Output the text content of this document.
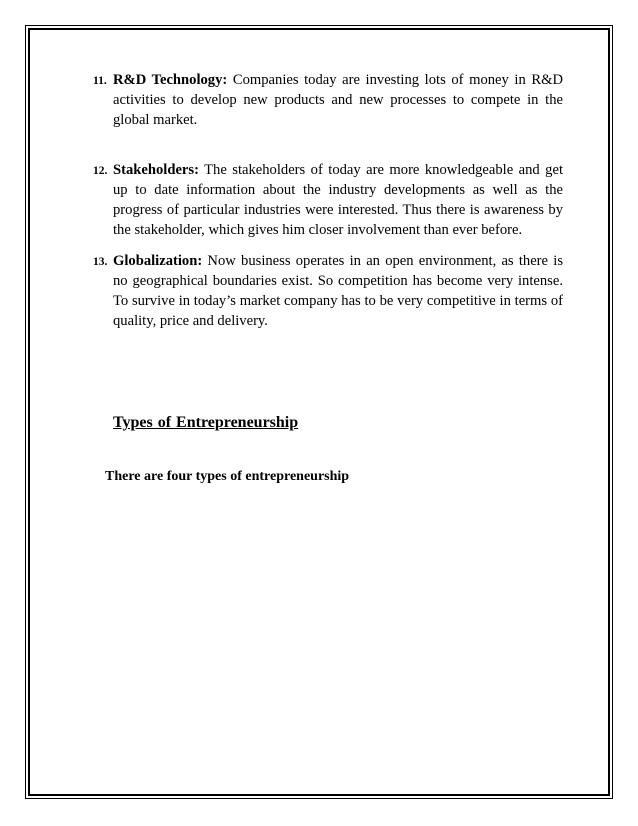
11. R&D Technology: Companies today are investing lots of money in R&D activities to develop new products and new processes to compete in the global market.
12. Stakeholders: The stakeholders of today are more knowledgeable and get up to date information about the industry developments as well as the progress of particular industries were interested. Thus there is awareness by the stakeholder, which gives him closer involvement than ever before.
13. Globalization: Now business operates in an open environment, as there is no geographical boundaries exist. So competition has become very intense. To survive in today’s market company has to be very competitive in terms of quality, price and delivery.
Types of Entrepreneurship
There are four types of entrepreneurship
